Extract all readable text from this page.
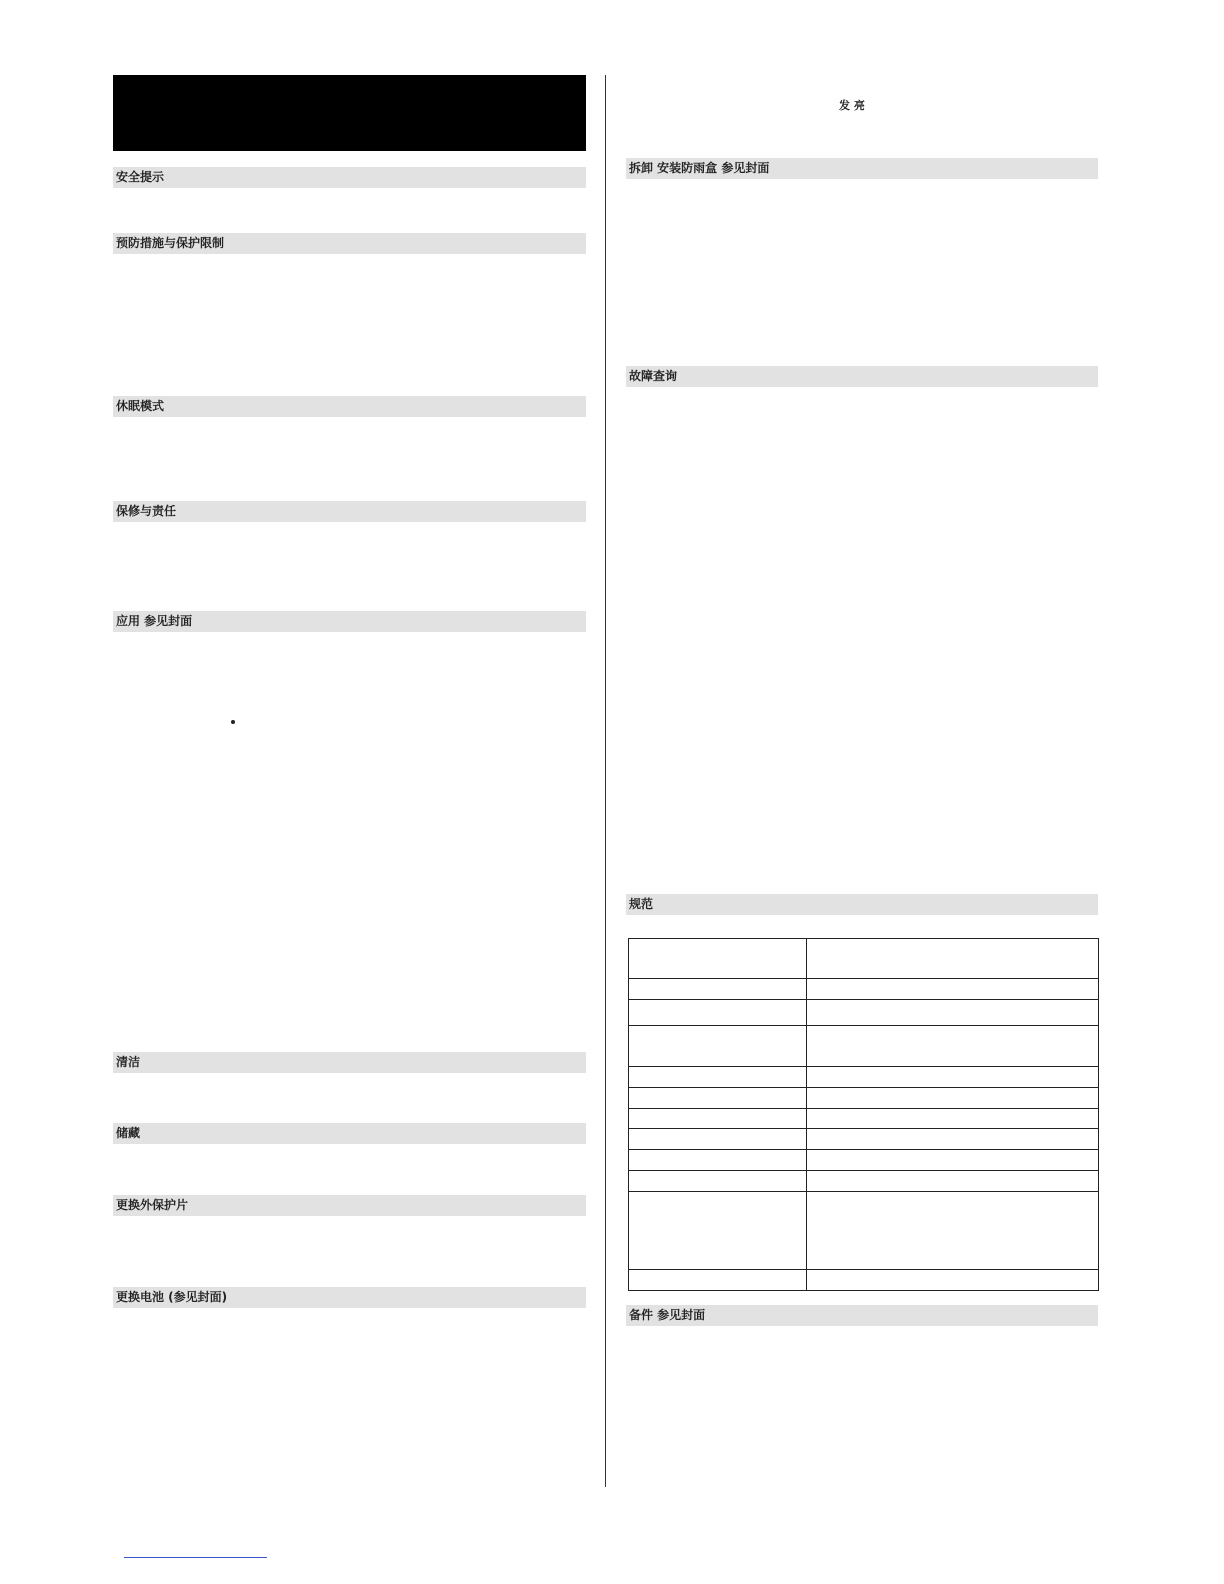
安全提示
预防措施与保护限制
休眠模式
保修与责任
应用 参见封面
清洁
储藏
更换外保护片
更换电池 (参见封面)
发 亮
拆卸 安装防雨盒 参见封面
故障查询
规范

备件 参见封面
